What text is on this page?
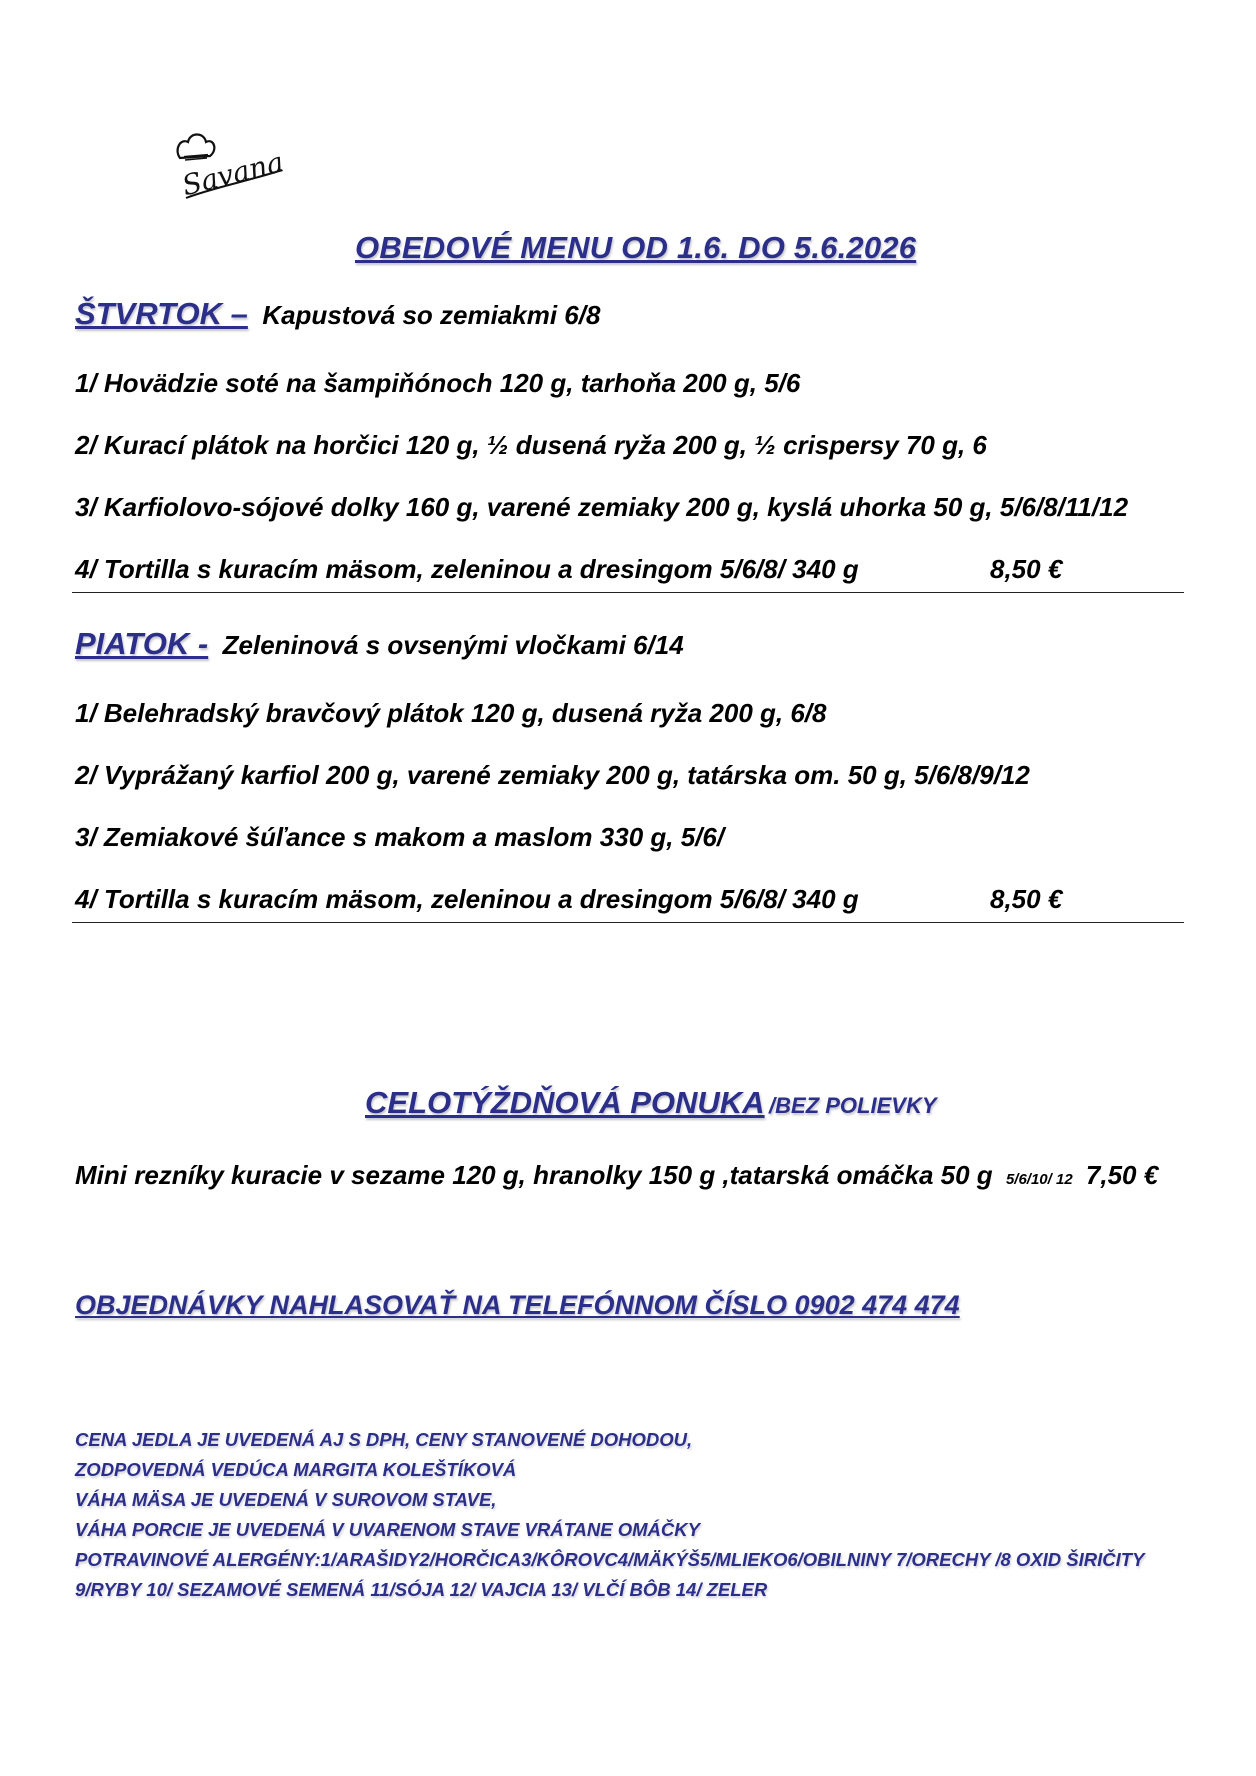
Savana
OBEDOVÉ MENU OD 1.6. DO 5.6.2026
ŠTVRTOK – Kapustová so zemiakmi 6/8
1/ Hovädzie soté na šampiňónoch 120 g, tarhoňa 200 g, 5/6
2/ Kurací plátok na horčici 120 g, ½ dusená ryža 200 g, ½ crispersy 70 g, 6
3/ Karfiolovo-sójové dolky 160 g, varené zemiaky 200 g, kyslá uhorka 50 g, 5/6/8/11/12
4/ Tortilla s kuracím mäsom, zeleninou a dresingom 5/6/8/ 340 g	8,50 €
PIATOK - Zeleninová s ovsenými vločkami 6/14
1/ Belehradský bravčový plátok 120 g, dusená ryža 200 g, 6/8
2/ Vyprážaný karfiol 200 g, varené zemiaky 200 g, tatárska om. 50 g, 5/6/8/9/12
3/ Zemiakové šúľance s makom a maslom 330 g, 5/6/
4/ Tortilla s kuracím mäsom, zeleninou a dresingom 5/6/8/ 340 g	8,50 €
CELOTÝŽDŇOVÁ PONUKA /BEZ POLIEVKY
Mini rezníky kuracie v sezame 120 g, hranolky 150 g ,tatarská omáčka 50 g 5/6/10/ 12 7,50 €
OBJEDNÁVKY NAHLASOVAŤ NA TELEFÓNNOM ČÍSLO 0902 474 474
CENA JEDLA JE UVEDENÁ AJ S DPH, CENY STANOVENÉ DOHODOU,
ZODPOVEDNÁ VEDÚCA MARGITA KOLEŠTÍKOVÁ
VÁHA MÄSA JE UVEDENÁ V SUROVOM STAVE,
VÁHA PORCIE JE UVEDENÁ V UVARENOM STAVE VRÁTANE OMÁČKY
POTRAVINOVÉ ALERGÉNY:1/ARAŠIDY2/HORČICA3/KÔROVC4/MÄKÝŠ5/MLIEKO6/OBILNINY 7/ORECHY /8 OXID ŠIRIČITY
9/RYBY 10/ SEZAMOVÉ SEMENÁ 11/SÓJA 12/ VAJCIA 13/ VLČÍ BÔB 14/ ZELER
